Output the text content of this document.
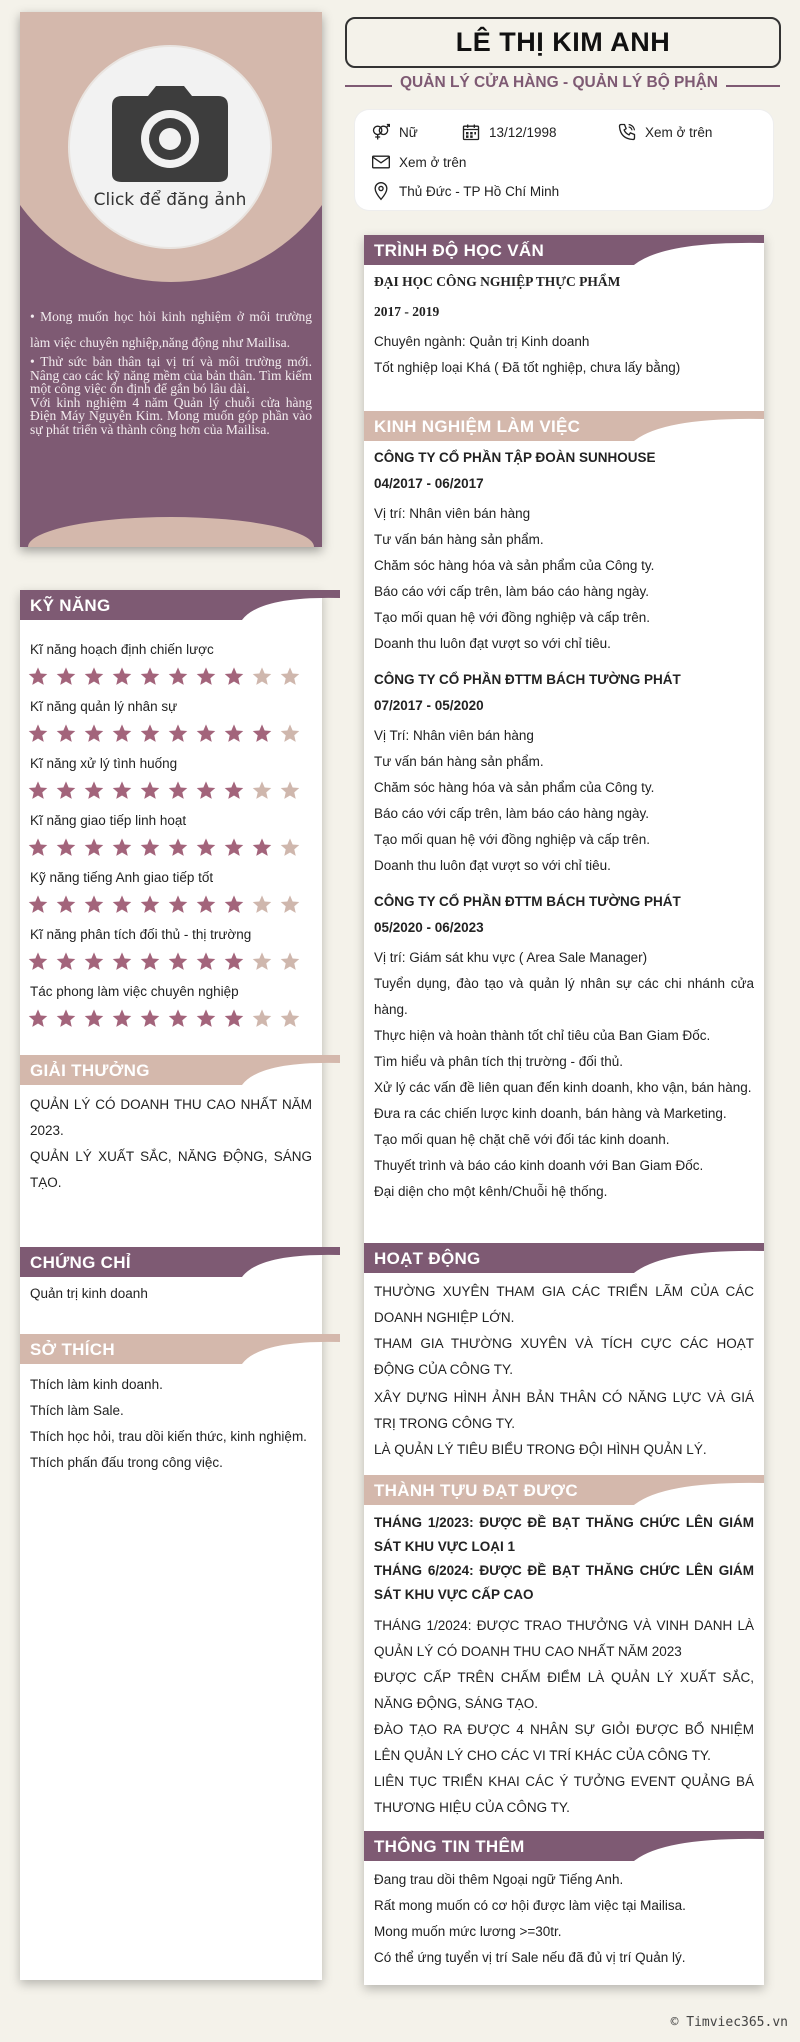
Click để đăng ảnh

• Mong muốn học hỏi kinh nghiệm ở môi trường làm việc chuyên nghiệp,năng động như Mailisa.

• Thử sức bản thân tại vị trí và môi trường mới. Nâng cao các kỹ năng mềm của bản thân. Tìm kiếm một công việc ổn định để gắn bó lâu dài.

Với kinh nghiệm 4 năm Quản lý chuỗi cửa hàng Điện Máy Nguyễn Kim. Mong muốn góp phần vào sự phát triển và thành công hơn của Mailisa.

KỸ NĂNG
Kĩ năng hoạch định chiến lược
Kĩ năng quản lý nhân sự
Kĩ năng xử lý tình huống
Kĩ năng giao tiếp linh hoạt
Kỹ năng tiếng Anh giao tiếp tốt
Kĩ năng phân tích đối thủ - thị trường
Tác phong làm việc chuyên nghiệp
GIẢI THƯỞNG
QUẢN LÝ CÓ DOANH THU CAO NHẤT NĂM 2023.
QUẢN LÝ XUẤT SẮC, NĂNG ĐỘNG, SÁNG TẠO.
CHỨNG CHỈ
Quản trị kinh doanh
SỞ THÍCH
Thích làm kinh doanh.
Thích làm Sale.
Thích học hỏi, trau dồi kiến thức, kinh nghiệm.
Thích phấn đấu trong công việc.
LÊ THỊ KIM ANH
QUẢN LÝ CỬA HÀNG - QUẢN LÝ BỘ PHẬN
Nữ	13/12/1998	Xem ở trên
Xem ở trên
Thủ Đức - TP Hồ Chí Minh
TRÌNH ĐỘ HỌC VẤN
ĐẠI HỌC CÔNG NGHIỆP THỰC PHẨM
2017 - 2019
Chuyên ngành: Quản trị Kinh doanh
Tốt nghiệp loại Khá ( Đã tốt nghiệp, chưa lấy bằng)
KINH NGHIỆM LÀM VIỆC
CÔNG TY CỔ PHẦN TẬP ĐOÀN SUNHOUSE
04/2017 - 06/2017
Vị trí: Nhân viên bán hàng
Tư vấn bán hàng sản phẩm.
Chăm sóc hàng hóa và sản phẩm của Công ty.
Báo cáo với cấp trên, làm báo cáo hàng ngày.
Tạo mối quan hệ với đồng nghiệp và cấp trên.
Doanh thu luôn đạt vượt so với chỉ tiêu.
CÔNG TY CỔ PHẦN ĐTTM BÁCH TƯỜNG PHÁT
07/2017 - 05/2020
Vị Trí: Nhân viên bán hàng
Tư vấn bán hàng sản phẩm.
Chăm sóc hàng hóa và sản phẩm của Công ty.
Báo cáo với cấp trên, làm báo cáo hàng ngày.
Tạo mối quan hệ với đồng nghiệp và cấp trên.
Doanh thu luôn đạt vượt so với chỉ tiêu.
CÔNG TY CỔ PHẦN ĐTTM BÁCH TƯỜNG PHÁT
05/2020 - 06/2023
Vị trí: Giám sát khu vực ( Area Sale Manager)
Tuyển dụng, đào tạo và quản lý nhân sự các chi nhánh cửa hàng.
Thực hiện và hoàn thành tốt chỉ tiêu của Ban Giam Đốc.
Tìm hiểu và phân tích thị trường - đối thủ.
Xử lý các vấn đề liên quan đến kinh doanh, kho vận, bán hàng.
Đưa ra các chiến lược kinh doanh, bán hàng và Marketing.
Tạo mối quan hệ chặt chẽ với đối tác kinh doanh.
Thuyết trình và báo cáo kinh doanh với Ban Giam Đốc.
Đại diện cho một kênh/Chuỗi hệ thống.
HOẠT ĐỘNG
THƯỜNG XUYÊN THAM GIA CÁC TRIỂN LÃM CỦA CÁC DOANH NGHIỆP LỚN.
THAM GIA THƯỜNG XUYÊN VÀ TÍCH CỰC CÁC HOẠT ĐỘNG CỦA CÔNG TY.
XÂY DỰNG HÌNH ẢNH BẢN THÂN CÓ NĂNG LỰC VÀ GIÁ TRỊ TRONG CÔNG TY.
LÀ QUẢN LÝ TIÊU BIỂU TRONG ĐỘI HÌNH QUẢN LÝ.
THÀNH TỰU ĐẠT ĐƯỢC
THÁNG 1/2023: ĐƯỢC ĐỀ BẠT THĂNG CHỨC LÊN GIÁM SÁT KHU VỰC LOẠI 1
THÁNG 6/2024: ĐƯỢC ĐỀ BẠT THĂNG CHỨC LÊN GIÁM SÁT KHU VỰC CẤP CAO
THÁNG 1/2024: ĐƯỢC TRAO THƯỞNG VÀ VINH DANH LÀ QUẢN LÝ CÓ DOANH THU CAO NHẤT NĂM 2023
ĐƯỢC CẤP TRÊN CHẤM ĐIỂM LÀ QUẢN LÝ XUẤT SẮC, NĂNG ĐỘNG, SÁNG TẠO.
ĐÀO TẠO RA ĐƯỢC 4 NHÂN SỰ GIỎI ĐƯỢC BỔ NHIỆM LÊN QUẢN LÝ CHO CÁC VI TRÍ KHÁC CỦA CÔNG TY.
LIÊN TỤC TRIỂN KHAI CÁC Ý TƯỞNG EVENT QUẢNG BÁ THƯƠNG HIỆU CỦA CÔNG TY.
THÔNG TIN THÊM
Đang trau dồi thêm Ngoại ngữ Tiếng Anh.
Rất mong muốn có cơ hội được làm việc tại Mailisa.
Mong muốn mức lương >=30tr.
Có thể ứng tuyển vị trí Sale nếu đã đủ vị trí Quản lý.
© Timviec365.vn
